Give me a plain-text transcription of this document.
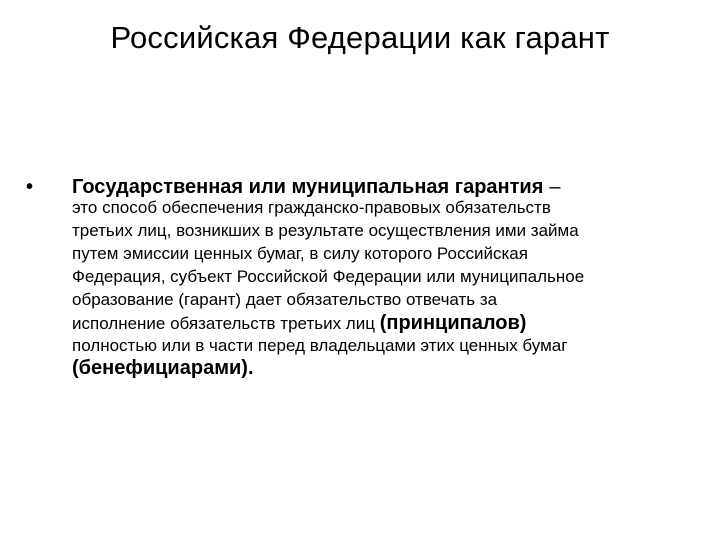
Российская Федерации как гарант
• Государственная или муниципальная гарантия –
это способ обеспечения гражданско-правовых обязательств
третьих лиц, возникших в результате осуществления ими займа
путем эмиссии ценных бумаг, в силу которого Российская
Федерация, субъект Российской Федерации или муниципальное
образование (гарант) дает обязательство отвечать за
исполнение обязательств третьих лиц (принципалов)
полностью или в части перед владельцами этих ценных бумаг
(бенефициарами).
